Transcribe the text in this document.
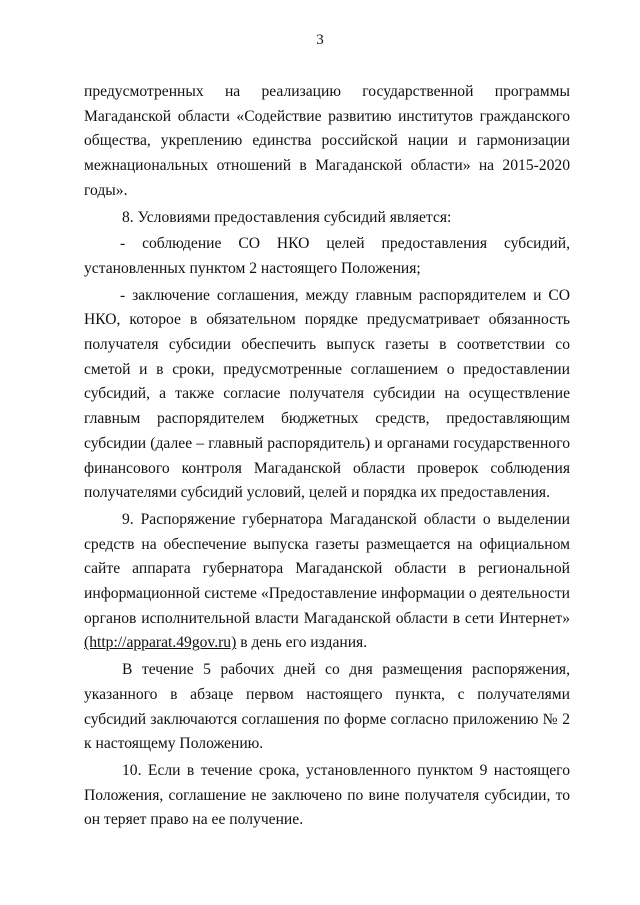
3

предусмотренных на реализацию государственной программы Магаданской области «Содействие развитию институтов гражданского общества, укреплению единства российской нации и гармонизации межнациональных отношений в Магаданской области» на 2015-2020 годы».

8. Условиями предоставления субсидий является:

- соблюдение СО НКО целей предоставления субсидий, установленных пунктом 2 настоящего Положения;

- заключение соглашения, между главным распорядителем и СО НКО, которое в обязательном порядке предусматривает обязанность получателя субсидии обеспечить выпуск газеты в соответствии со сметой и в сроки, предусмотренные соглашением о предоставлении субсидий, а также согласие получателя субсидии на осуществление главным распорядителем бюджетных средств, предоставляющим субсидии (далее – главный распорядитель) и органами государственного финансового контроля Магаданской области проверок соблюдения получателями субсидий условий, целей и порядка их предоставления.

9. Распоряжение губернатора Магаданской области о выделении средств на обеспечение выпуска газеты размещается на официальном сайте аппарата губернатора Магаданской области в региональной информационной системе «Предоставление информации о деятельности органов исполнительной власти Магаданской области в сети Интернет» (http://apparat.49gov.ru) в день его издания.

В течение 5 рабочих дней со дня размещения распоряжения, указанного в абзаце первом настоящего пункта, с получателями субсидий заключаются соглашения по форме согласно приложению № 2 к настоящему Положению.

10. Если в течение срока, установленного пунктом 9 настоящего Положения, соглашение не заключено по вине получателя субсидии, то он теряет право на ее получение.
